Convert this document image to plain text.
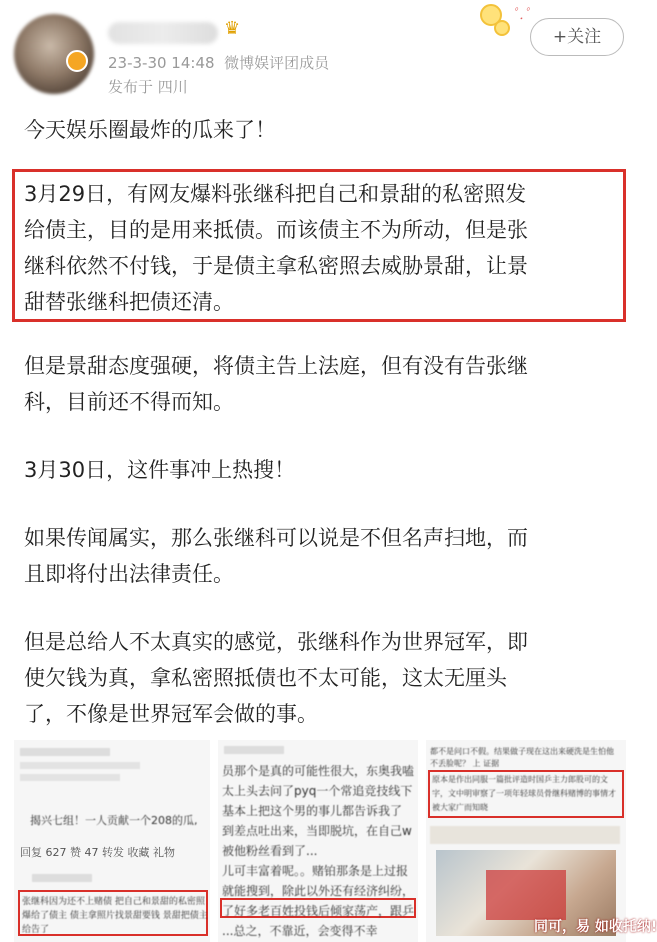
♛
23-3-30 14:48 微博娱评团成员
发布于 四川
ﾟ.ﾟ
+关注
今天娱乐圈最炸的瓜来了！
3月29日，有网友爆料张继科把自己和景甜的私密照发
给债主，目的是用来抵债。而该债主不为所动，但是张
继科依然不付钱，于是债主拿私密照去威胁景甜，让景
甜替张继科把债还清。
但是景甜态度强硬，将债主告上法庭，但有没有告张继
科，目前还不得而知。
3月30日，这件事冲上热搜！
如果传闻属实，那么张继科可以说是不但名声扫地，而
且即将付出法律责任。
但是总给人不太真实的感觉，张继科作为世界冠军，即
使欠钱为真，拿私密照抵债也不太可能，这太无厘头
了，不像是世界冠军会做的事。
揭兴七组！一人贡献一个208的瓜,
回复 627 赞 47 转发 收藏 礼物
张继科因为还不上赌债 把自己和景甜的私密照
爆给了债主 债主拿照片找景甜要钱 景甜把债主
给告了
员那个是真的可能性很大，东奥我嗑
太上头去问了pyq一个常追竞技线下
基本上把这个男的事儿都告诉我了
到差点吐出来，当即脱坑，在自己w
被他粉丝看到了...
儿可丰富着呢。。赌铂那条是上过报
就能搜到，除此以外还有经济纠纷，
了好多老百姓投钱后倾家荡产，跟乒
...总之，不靠近，会变得不幸
都不是问口不假。结果做子现在这出来硬洗是生怕他
不丢脸呢？ 上 证据
原本是作出同服一篇批评造时国乒主力郎股可的文
字，文中明审察了一项年轻球员骨继科赌博的事情才
被大家广而知晓
同可，易 如收托纳!
